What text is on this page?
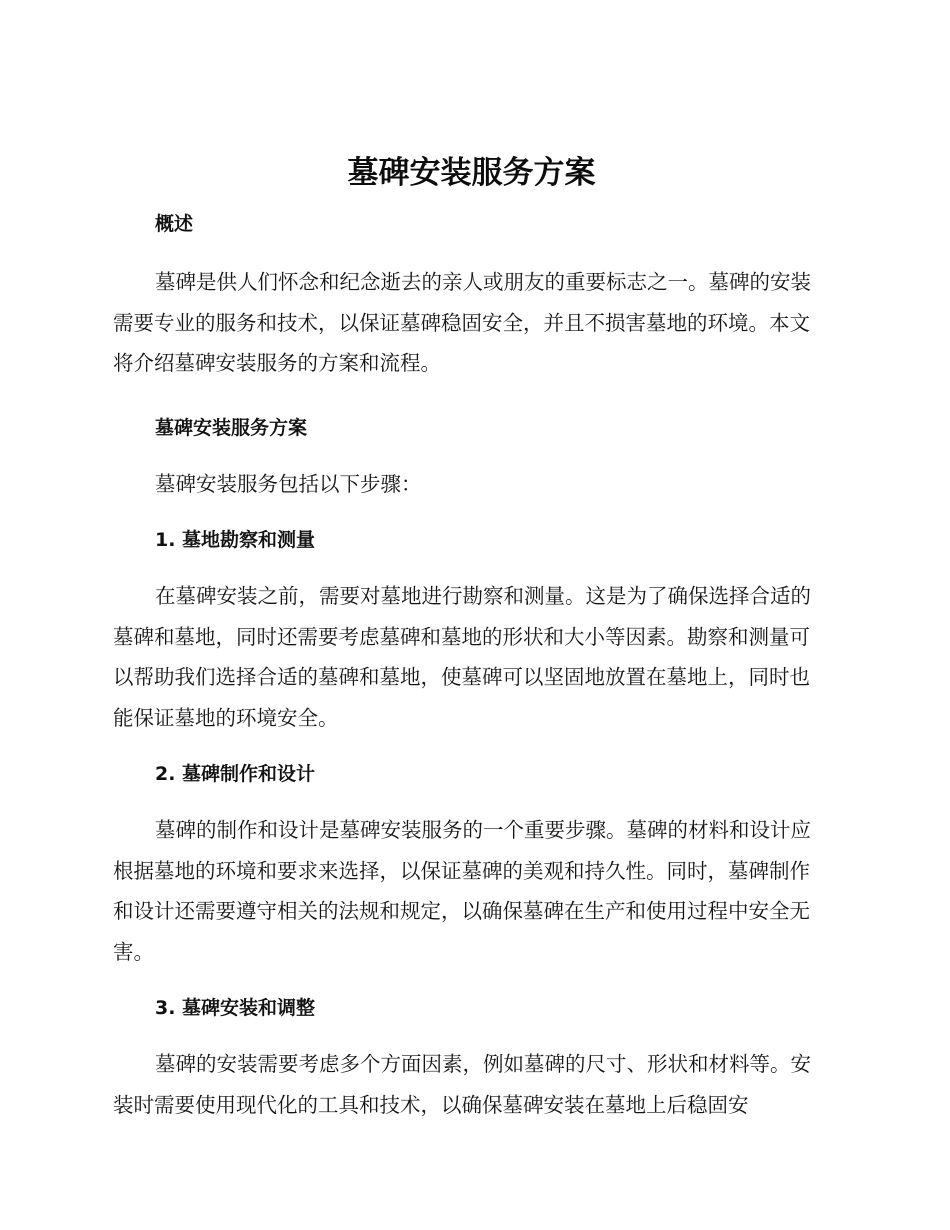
墓碑安装服务方案
概述

墓碑是供人们怀念和纪念逝去的亲人或朋友的重要标志之一。墓碑的安装需要专业的服务和技术，以保证墓碑稳固安全，并且不损害墓地的环境。本文将介绍墓碑安装服务的方案和流程。

墓碑安装服务方案

墓碑安装服务包括以下步骤：

1. 墓地勘察和测量

在墓碑安装之前，需要对墓地进行勘察和测量。这是为了确保选择合适的墓碑和墓地，同时还需要考虑墓碑和墓地的形状和大小等因素。勘察和测量可以帮助我们选择合适的墓碑和墓地，使墓碑可以坚固地放置在墓地上，同时也能保证墓地的环境安全。

2. 墓碑制作和设计

墓碑的制作和设计是墓碑安装服务的一个重要步骤。墓碑的材料和设计应根据墓地的环境和要求来选择，以保证墓碑的美观和持久性。同时，墓碑制作和设计还需要遵守相关的法规和规定，以确保墓碑在生产和使用过程中安全无害。

3. 墓碑安装和调整

墓碑的安装需要考虑多个方面因素，例如墓碑的尺寸、形状和材料等。安装时需要使用现代化的工具和技术，以确保墓碑安装在墓地上后稳固安
